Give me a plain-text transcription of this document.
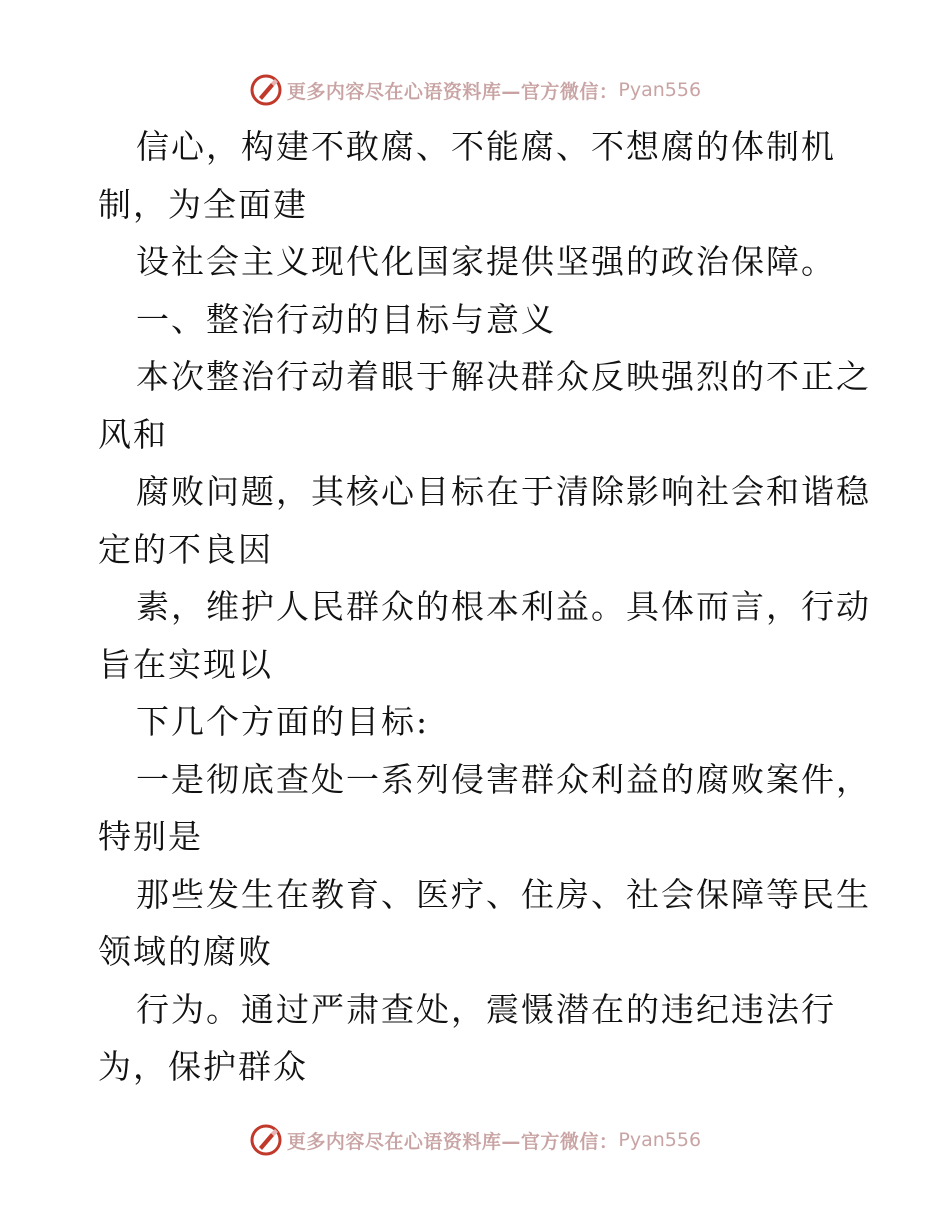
更多内容尽在心语资料库—官方微信： Pyan556
信心，构建不敢腐、不能腐、不想腐的体制机
制，为全面建
设社会主义现代化国家提供坚强的政治保障。
一、整治行动的目标与意义
本次整治行动着眼于解决群众反映强烈的不正之
风和
腐败问题，其核心目标在于清除影响社会和谐稳
定的不良因
素，维护人民群众的根本利益。具体而言，行动
旨在实现以
下几个方面的目标:
一是彻底查处一系列侵害群众利益的腐败案件，
特别是
那些发生在教育、医疗、住房、社会保障等民生
领域的腐败
行为。通过严肃查处，震慑潜在的违纪违法行
为，保护群众
更多内容尽在心语资料库—官方微信： Pyan556
